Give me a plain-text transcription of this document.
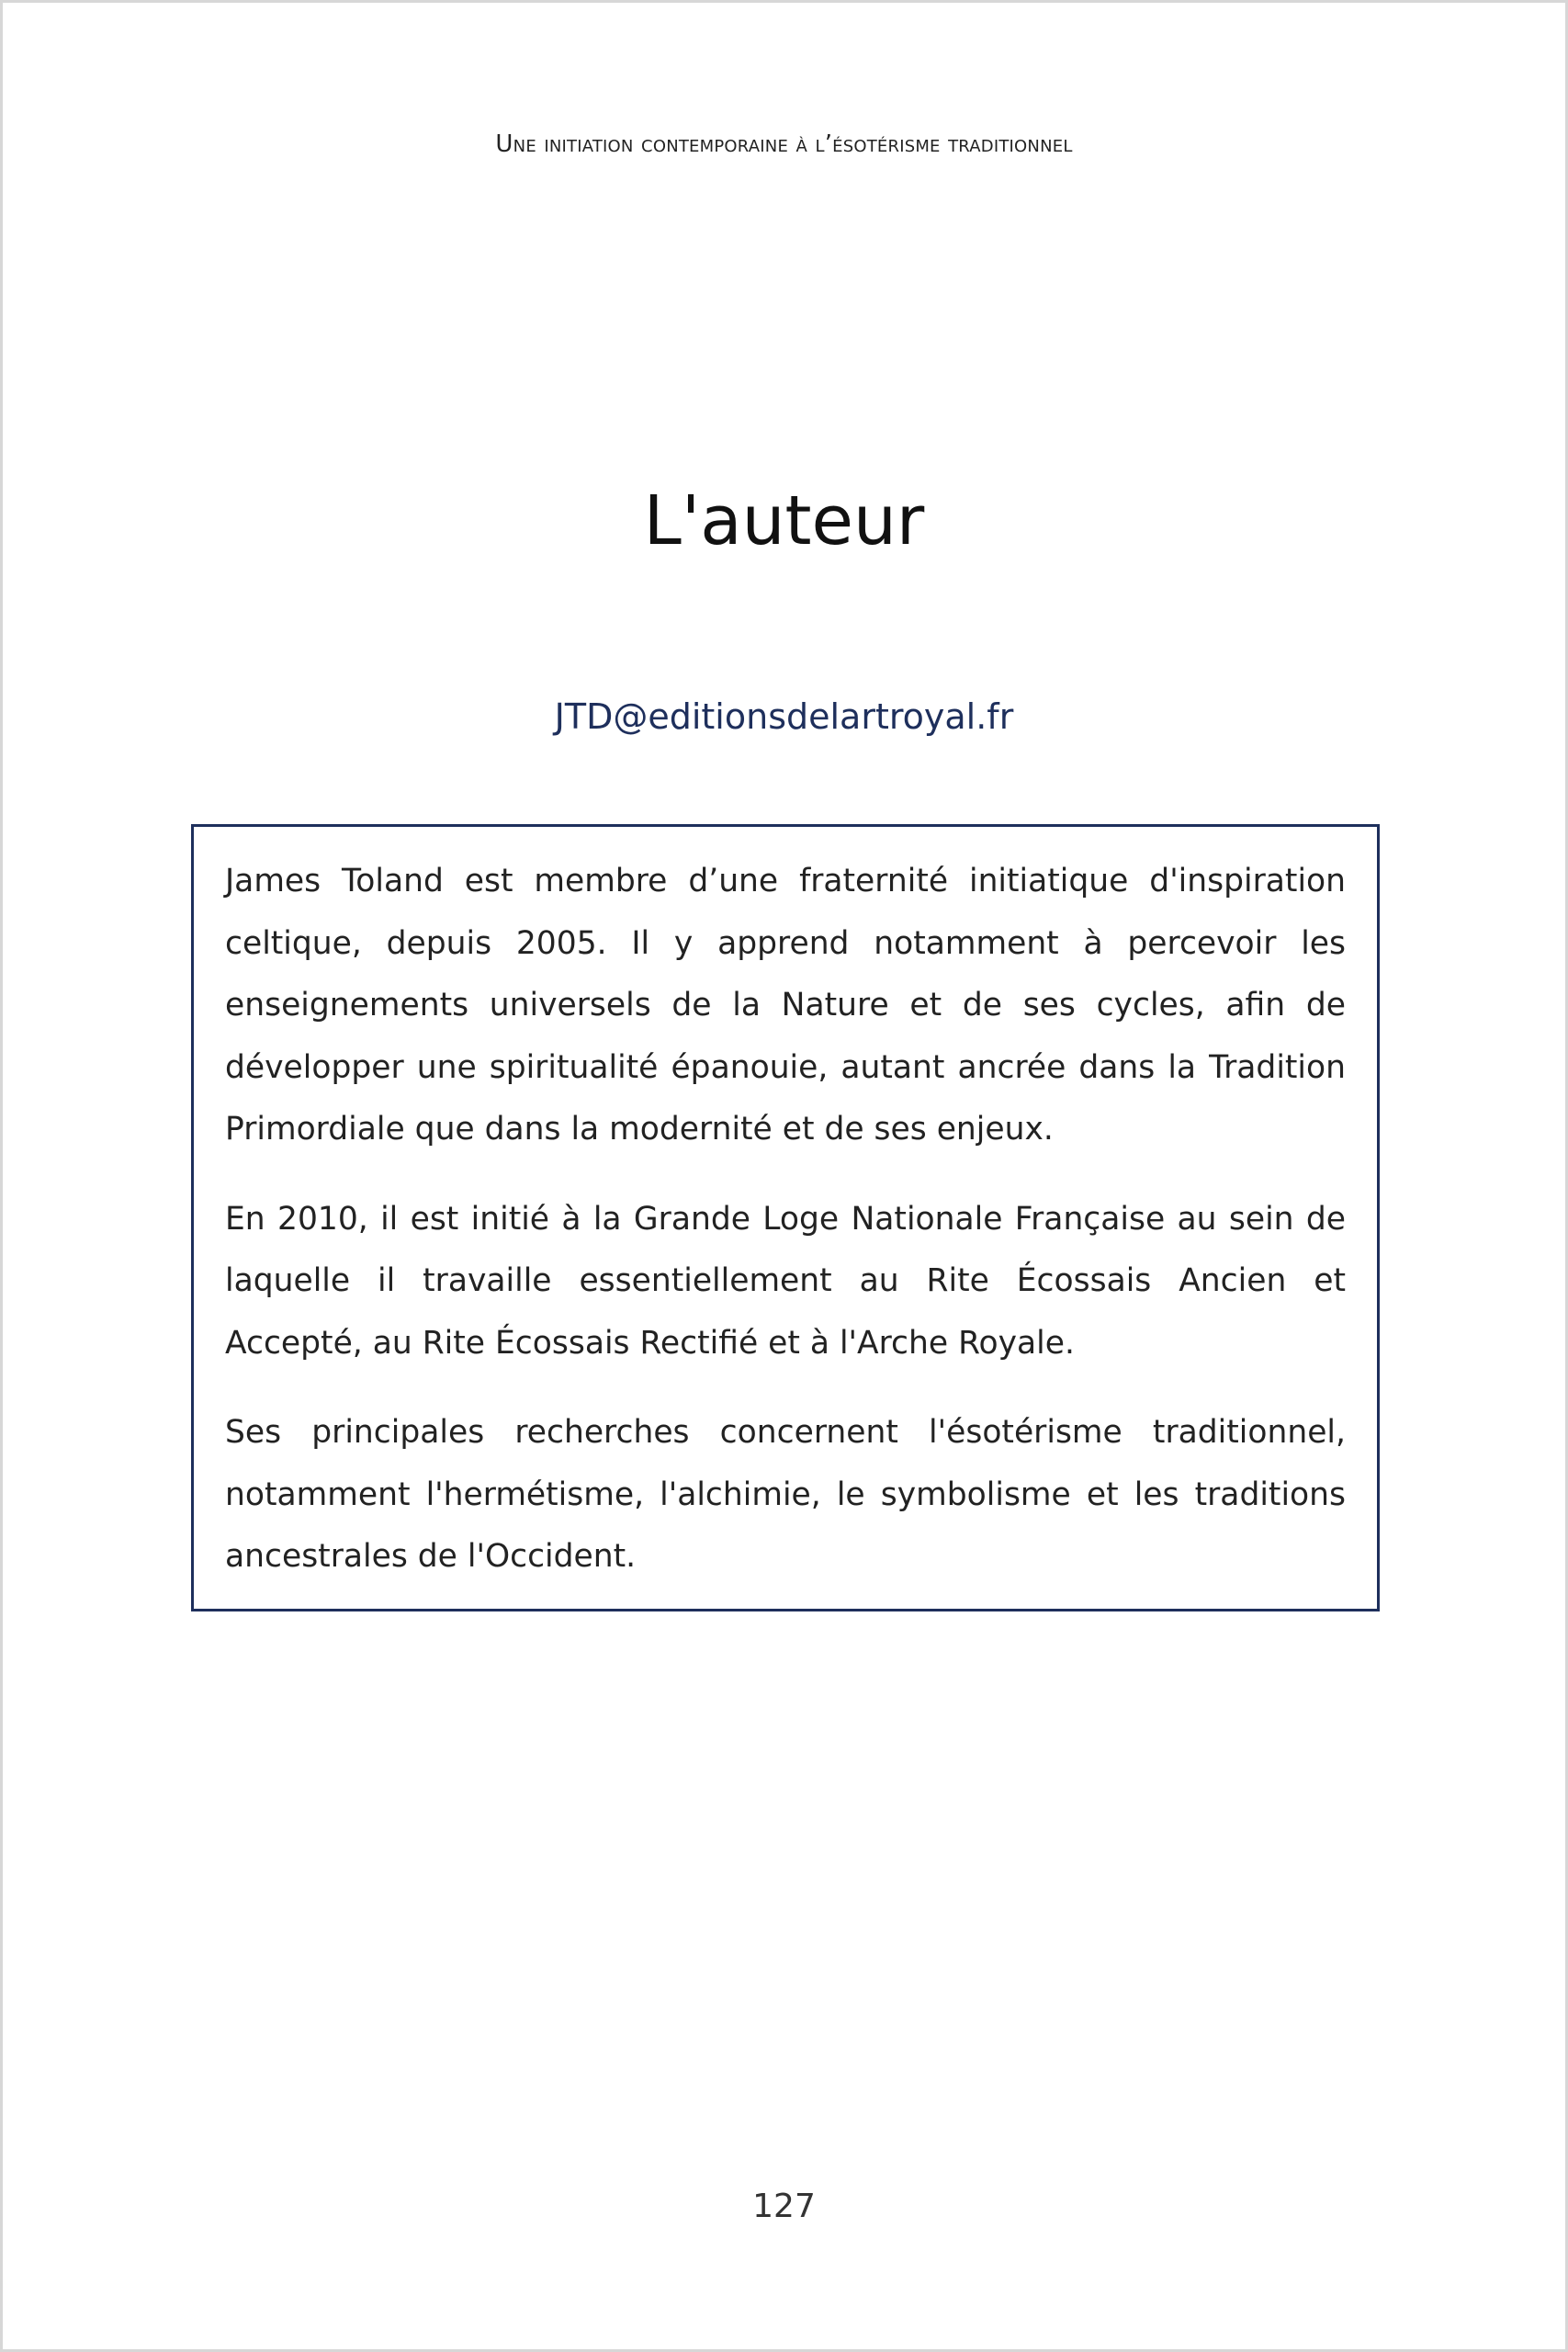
Une initiation contemporaine à l’ésotérisme traditionnel
L'auteur
JTD@editionsdelartroyal.fr

James Toland est membre d’une fraternité initiatique d'inspiration celtique, depuis 2005. Il y apprend notamment à percevoir les enseignements universels de la Nature et de ses cycles, afin de développer une spiritualité épanouie, autant ancrée dans la Tradition Primordiale que dans la modernité et de ses enjeux.

En 2010, il est initié à la Grande Loge Nationale Française au sein de laquelle il travaille essentiellement au Rite Écossais Ancien et Accepté, au Rite Écossais Rectifié et à l'Arche Royale.

Ses principales recherches concernent l'ésotérisme traditionnel, notamment l'hermétisme, l'alchimie, le symbolisme et les traditions ancestrales de l'Occident.

127
